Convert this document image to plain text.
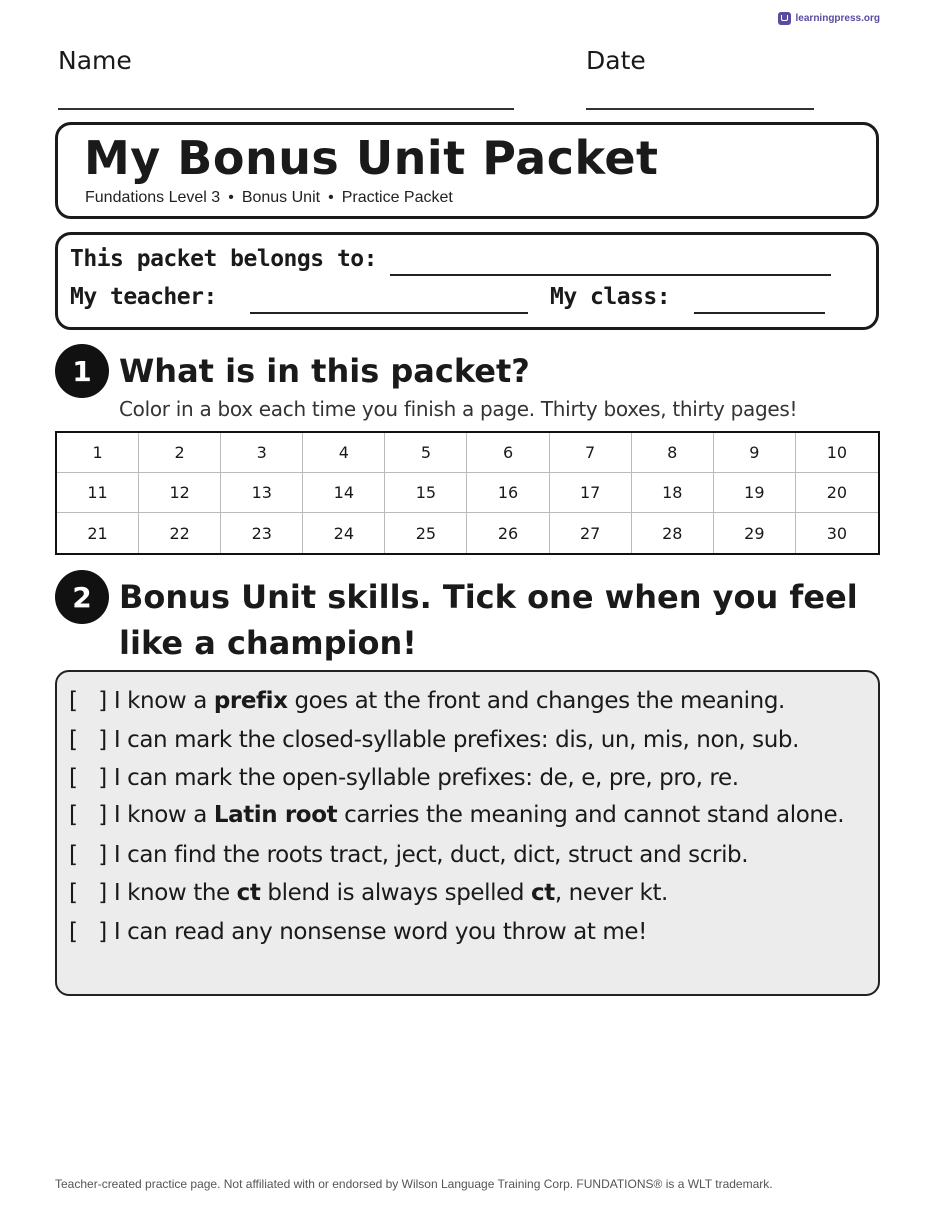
learningpress.org
Name	Date
My Bonus Unit Packet
Fundations Level 3 • Bonus Unit • Practice Packet
This packet belongs to:
My teacher:	My class:
1 What is in this packet?
Color in a box each time you finish a page. Thirty boxes, thirty pages!
1	2	3	4	5	6	7	8	9	10
11	12	13	14	15	16	17	18	19	20
21	22	23	24	25	26	27	28	29	30
2 Bonus Unit skills. Tick one when you feel like a champion!
[   ] I know a prefix goes at the front and changes the meaning.
[   ] I can mark the closed-syllable prefixes: dis, un, mis, non, sub.
[   ] I can mark the open-syllable prefixes: de, e, pre, pro, re.
[   ] I know a Latin root carries the meaning and cannot stand alone.
[   ] I can find the roots tract, ject, duct, dict, struct and scrib.
[   ] I know the ct blend is always spelled ct, never kt.
[   ] I can read any nonsense word you throw at me!
Teacher-created practice page. Not affiliated with or endorsed by Wilson Language Training Corp. FUNDATIONS® is a WLT trademark.
